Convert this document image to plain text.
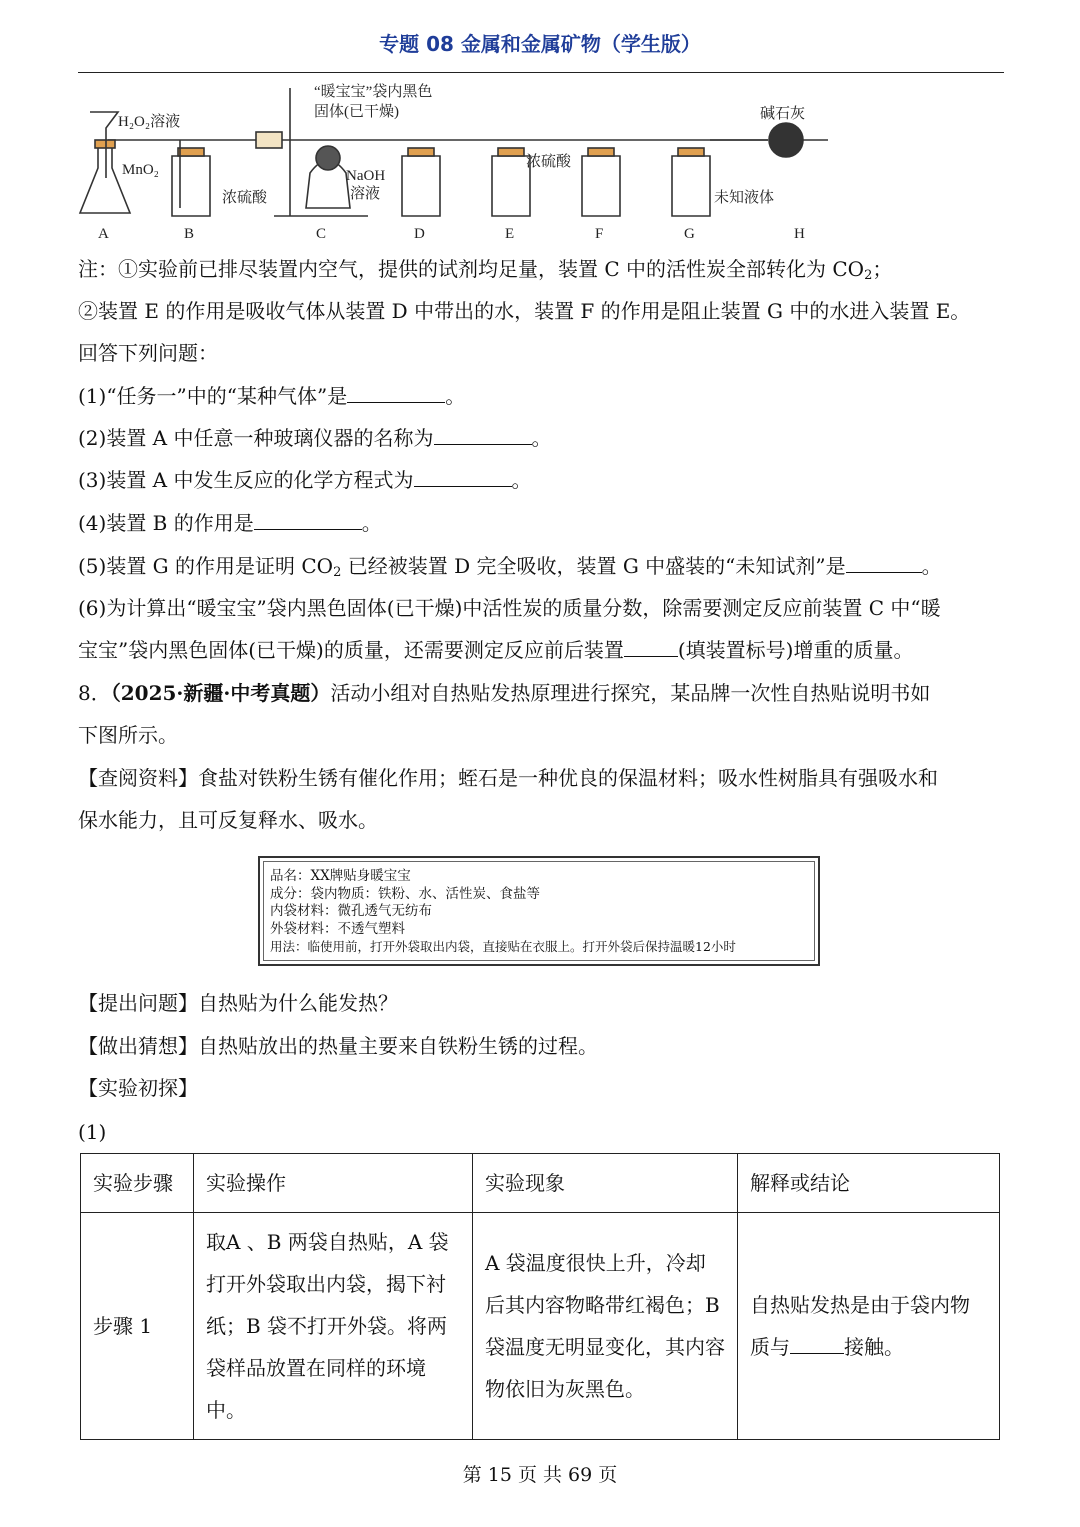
专题 08 金属和金属矿物（学生版）
H₂O₂溶液
MnO₂
浓硫酸
“暖宝宝”袋内黑色
固体(已干燥)
NaOH
溶液
浓硫酸
未知液体
碱石灰
A	B	C	D	E	F	G	H
注：①实验前已排尽装置内空气，提供的试剂均足量，装置 C 中的活性炭全部转化为 $CO_2$；
②装置 E 的作用是吸收气体从装置 D 中带出的水，装置 F 的作用是阻止装置 G 中的水进入装置 E。
回答下列问题：
(1)“任务一”中的“某种气体”是	。
(2)装置 A 中任意一种玻璃仪器的名称为	。
(3)装置 A 中发生反应的化学方程式为	。
(4)装置 B 的作用是	。
(5)装置 G 的作用是证明 $CO_2$ 已经被装置 D 完全吸收，装置 G 中盛装的“未知试剂”是	。
(6)为计算出“暖宝宝”袋内黑色固体(已干燥)中活性炭的质量分数，除需要测定反应前装置 C 中“暖
宝宝”袋内黑色固体(已干燥)的质量，还需要测定反应前后装置	(填装置标号)增重的质量。
8．（2025·新疆·中考真题）活动小组对自热贴发热原理进行探究，某品牌一次性自热贴说明书如
下图所示。
【查阅资料】食盐对铁粉生锈有催化作用；蛭石是一种优良的保温材料；吸水性树脂具有强吸水和
保水能力，且可反复释水、吸水。
品名：XX牌贴身暖宝宝
成分：袋内物质：铁粉、水、活性炭、食盐等
内袋材料：微孔透气无纺布
外袋材料：不透气塑料
用法：临使用前，打开外袋取出内袋，直接贴在衣服上。打开外袋后保持温暖12小时
【提出问题】自热贴为什么能发热？
【做出猜想】自热贴放出的热量主要来自铁粉生锈的过程。
【实验初探】
(1)
实验步骤	实验操作	实验现象	解释或结论
步骤 1	取A 、B 两袋自热贴，A 袋打开外袋取出内袋，揭下衬纸；B 袋不打开外袋。将两袋样品放置在同样的环境中。	A 袋温度很快上升，冷却后其内容物略带红褐色；B 袋温度无明显变化，其内容物依旧为灰黑色。	自热贴发热是由于袋内物质与 接触。
第 15 页 共 69 页
